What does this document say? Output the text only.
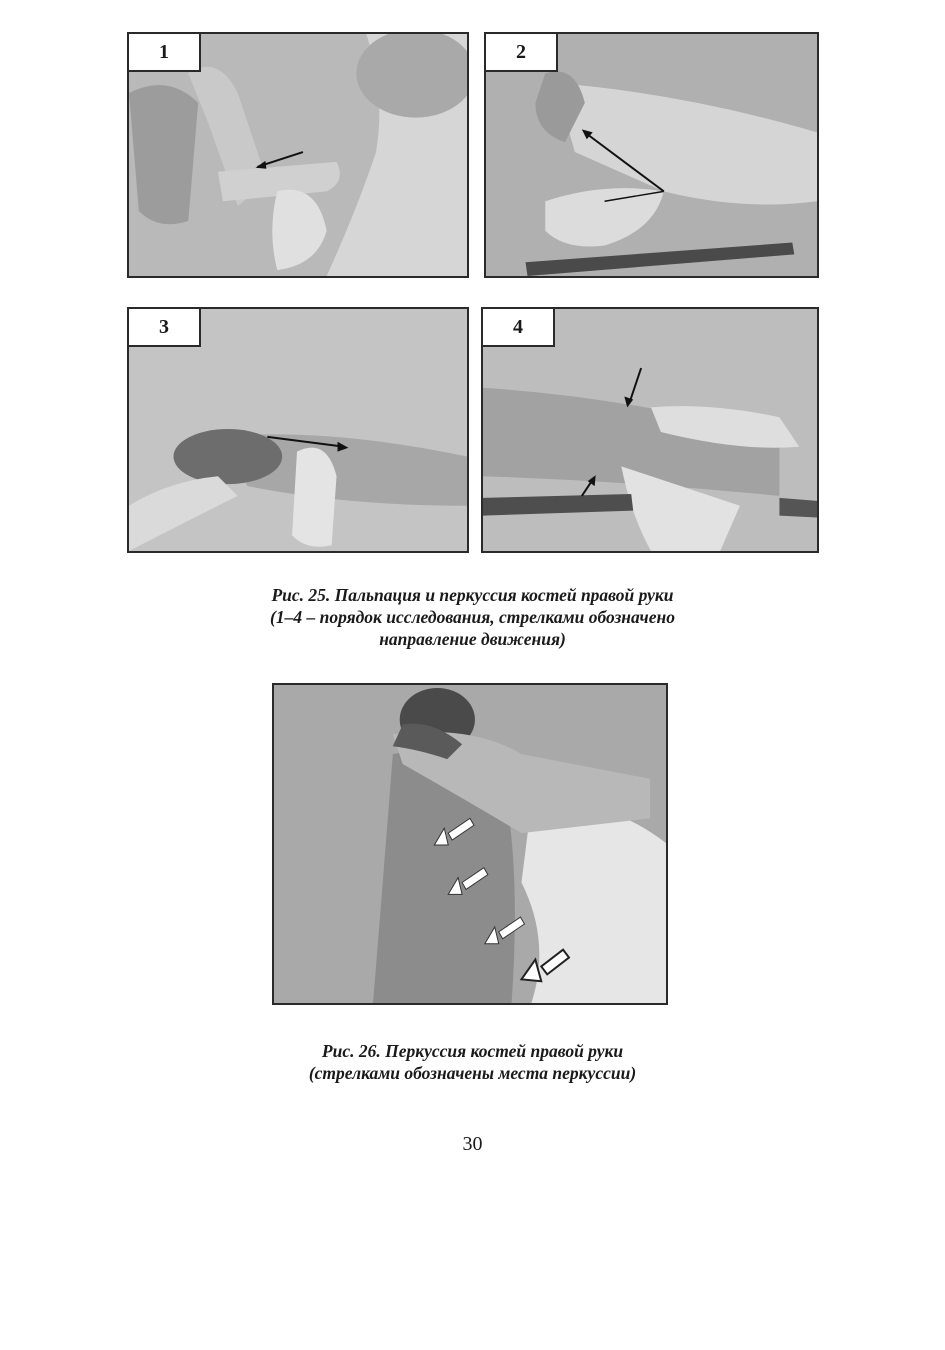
1	2
3	4
Рис. 25. Пальпация и перкуссия костей правой руки
(1–4 – порядок исследования, стрелками обозначено
направление движения)
Рис. 26. Перкуссия костей правой руки
(стрелками обозначены места перкуссии)
30
